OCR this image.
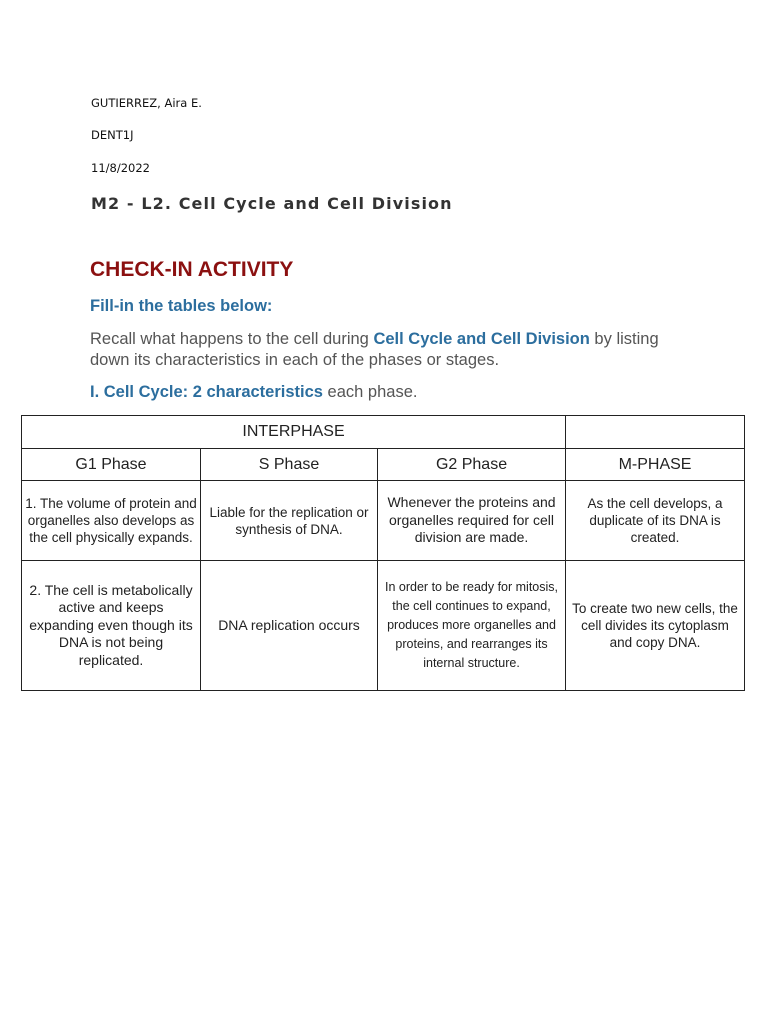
GUTIERREZ, Aira E.
DENT1J
11/8/2022
M2 - L2. Cell Cycle and Cell Division
CHECK-IN ACTIVITY
Fill-in the tables below:
Recall what happens to the cell during Cell Cycle and Cell Division by listing down its characteristics in each of the phases or stages.
I. Cell Cycle: 2 characteristics each phase.
INTERPHASE			
G1 Phase	S Phase	G2 Phase	M-PHASE
1. The volume of protein and organelles also develops as the cell physically expands.	Liable for the replication or synthesis of DNA.	Whenever the proteins and organelles required for cell division are made.	As the cell develops, a duplicate of its DNA is created.
2. The cell is metabolically active and keeps expanding even though its DNA is not being replicated.	DNA replication occurs	In order to be ready for mitosis, the cell continues to expand, produces more organelles and proteins, and rearranges its internal structure.	To create two new cells, the cell divides its cytoplasm and copy DNA.
